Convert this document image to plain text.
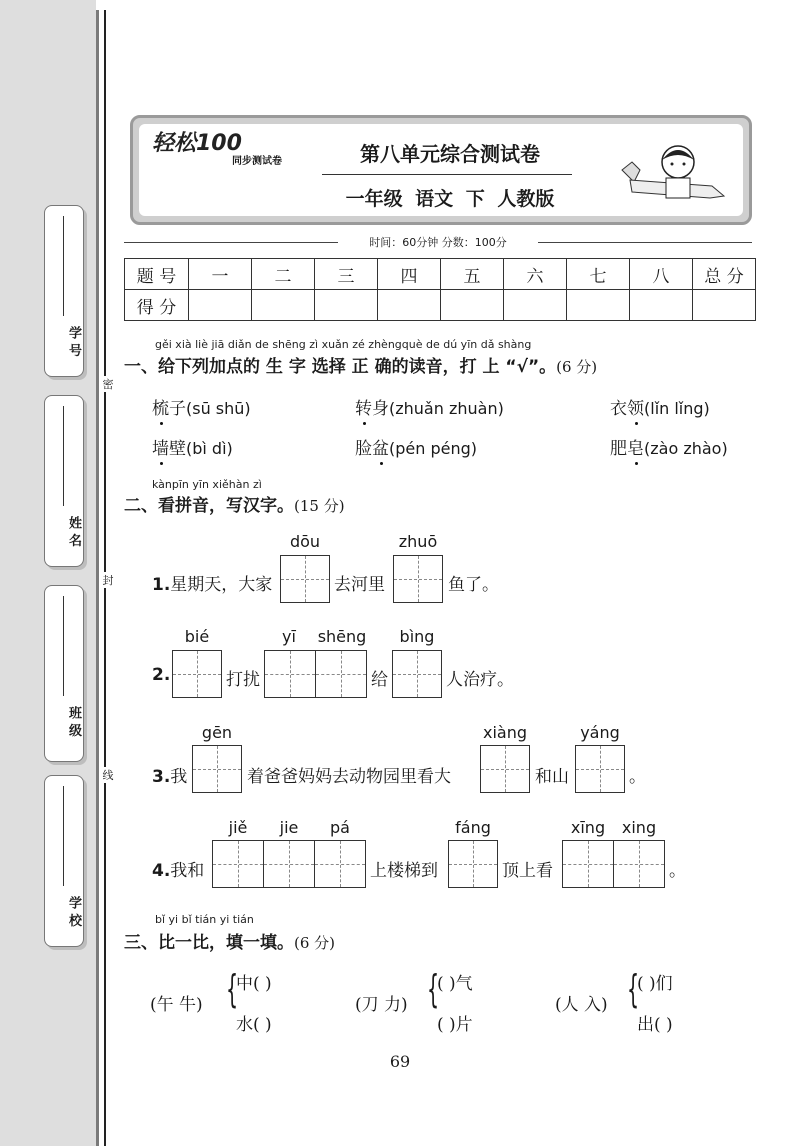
学 号
姓 名
班 级
学 校
密
封
线
轻松100
同步测试卷	第八单元综合测试卷
一年级 语文 下 人教版
时间：60分钟 分数：100分
题 号	一	二	三	四	五	六	七	八	总 分
得 分									
gěi xià liè jiā diǎn de shēng zì xuǎn zé zhèngquè de dú yīn dǎ shàng
一、给下列加点的 生 字 选择 正 确的读音，打 上 “√”。(6 分)
梳子(sū shū)	转身(zhuǎn zhuàn)	衣领(lǐn lǐng)
墙壁(bì dì)	脸盆(pén péng)	肥皂(zào zhào)
kànpīn yīn xiěhàn zì
二、看拼音，写汉字。(15 分)
1.星期天，大家
dōu
去河里
zhuō
鱼了。
2.
bié
打扰
yī	shēng
给
bìng
人治疗。
3.我
gēn
着爸爸妈妈去动物园里看大
xiàng
和山
yáng
。
4.我和
jiě	jie	pá
上楼梯到
fáng
顶上看
xīng	xing
。
bǐ yi bǐ tián yi tián
三、比一比，填一填。(6 分)
(午 牛) {
中( )
水( )
(刀 力) {
( )气
( )片
(人 入) {
( )们
出( )
69
